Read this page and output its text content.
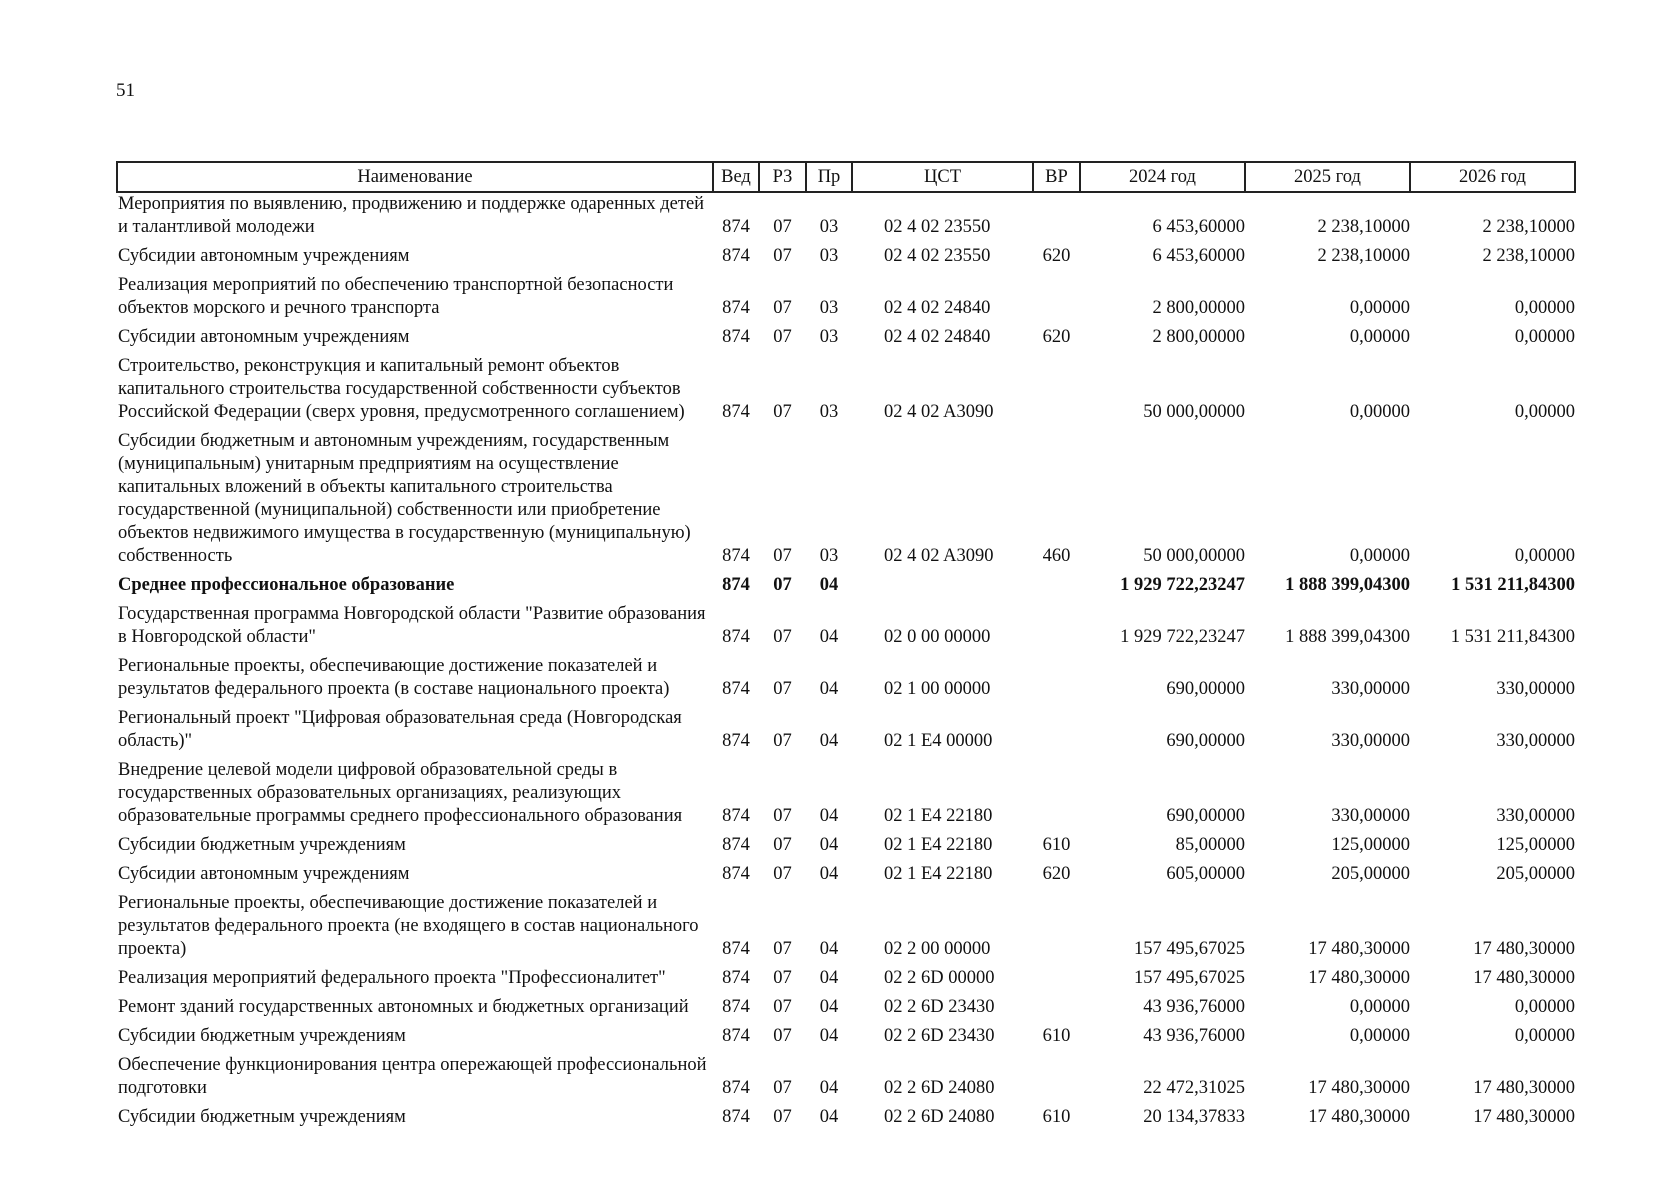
51
Наименование	Вед	РЗ	Пр	ЦСТ	ВР	2024 год	2025 год	2026 год
Мероприятия по выявлению, продвижению и поддержке одаренных детей и талантливой молодежи	874	07	03	02 4 02 23550		6 453,60000	2 238,10000	2 238,10000
Субсидии автономным учреждениям	874	07	03	02 4 02 23550	620	6 453,60000	2 238,10000	2 238,10000
Реализация мероприятий по обеспечению транспортной безопасности объектов морского и речного транспорта	874	07	03	02 4 02 24840		2 800,00000	0,00000	0,00000
Субсидии автономным учреждениям	874	07	03	02 4 02 24840	620	2 800,00000	0,00000	0,00000
Строительство, реконструкция и капитальный ремонт объектов капитального строительства государственной собственности субъектов Российской Федерации (сверх уровня, предусмотренного соглашением)	874	07	03	02 4 02 A3090		50 000,00000	0,00000	0,00000
Субсидии бюджетным и автономным учреждениям, государственным (муниципальным) унитарным предприятиям на осуществление капитальных вложений в объекты капитального строительства государственной (муниципальной) собственности или приобретение объектов недвижимого имущества в государственную (муниципальную) собственность	874	07	03	02 4 02 A3090	460	50 000,00000	0,00000	0,00000
Среднее профессиональное образование	874	07	04			1 929 722,23247	1 888 399,04300	1 531 211,84300
Государственная программа Новгородской области "Развитие образования в Новгородской области"	874	07	04	02 0 00 00000		1 929 722,23247	1 888 399,04300	1 531 211,84300
Региональные проекты, обеспечивающие достижение показателей и результатов федерального проекта (в составе национального проекта)	874	07	04	02 1 00 00000		690,00000	330,00000	330,00000
Региональный проект "Цифровая образовательная среда (Новгородская область)"	874	07	04	02 1 E4 00000		690,00000	330,00000	330,00000
Внедрение целевой модели цифровой образовательной среды в государственных образовательных организациях, реализующих образовательные программы среднего профессионального образования	874	07	04	02 1 E4 22180		690,00000	330,00000	330,00000
Субсидии бюджетным учреждениям	874	07	04	02 1 E4 22180	610	85,00000	125,00000	125,00000
Субсидии автономным учреждениям	874	07	04	02 1 E4 22180	620	605,00000	205,00000	205,00000
Региональные проекты, обеспечивающие достижение показателей и результатов федерального проекта (не входящего в состав национального проекта)	874	07	04	02 2 00 00000		157 495,67025	17 480,30000	17 480,30000
Реализация мероприятий федерального проекта "Профессионалитет"	874	07	04	02 2 6D 00000		157 495,67025	17 480,30000	17 480,30000
Ремонт зданий государственных автономных и бюджетных организаций	874	07	04	02 2 6D 23430		43 936,76000	0,00000	0,00000
Субсидии бюджетным учреждениям	874	07	04	02 2 6D 23430	610	43 936,76000	0,00000	0,00000
Обеспечение функционирования центра опережающей профессиональной подготовки	874	07	04	02 2 6D 24080		22 472,31025	17 480,30000	17 480,30000
Субсидии бюджетным учреждениям	874	07	04	02 2 6D 24080	610	20 134,37833	17 480,30000	17 480,30000
